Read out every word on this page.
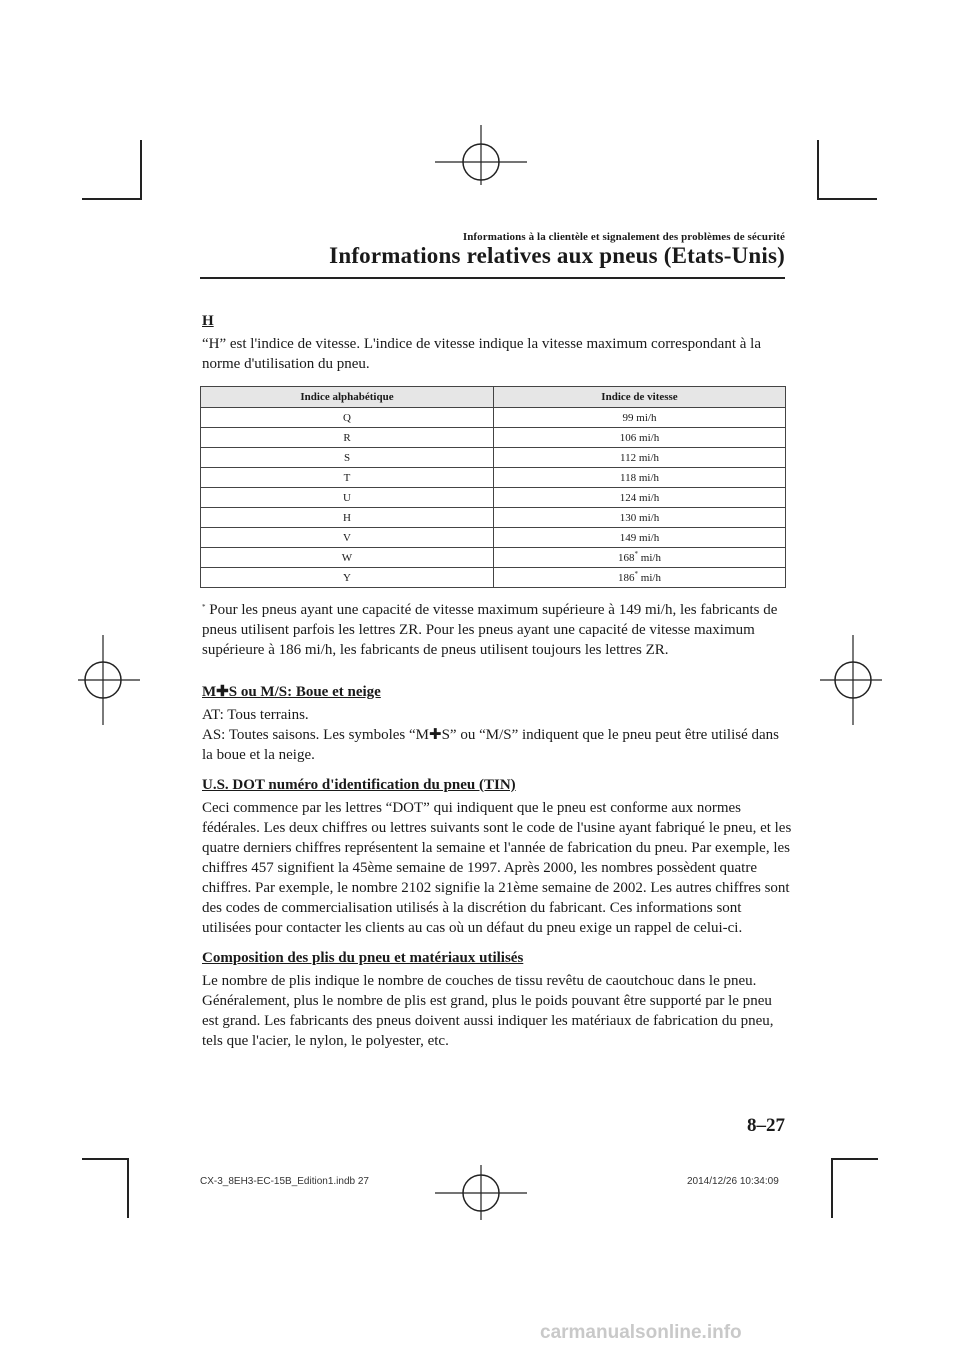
Informations à la clientèle et signalement des problèmes de sécurité
Informations relatives aux pneus (Etats-Unis)
H

“H” est l'indice de vitesse. L'indice de vitesse indique la vitesse maximum correspondant à la norme d'utilisation du pneu.

Indice alphabétique	Indice de vitesse
Q	99 mi/h
R	106 mi/h
S	112 mi/h
T	118 mi/h
U	124 mi/h
H	130 mi/h
V	149 mi/h
W	168* mi/h
Y	186* mi/h

* Pour les pneus ayant une capacité de vitesse maximum supérieure à 149 mi/h, les fabricants de pneus utilisent parfois les lettres ZR. Pour les pneus ayant une capacité de vitesse maximum supérieure à 186 mi/h, les fabricants de pneus utilisent toujours les lettres ZR.

M✚S ou M/S: Boue et neige

AT: Tous terrains.

AS: Toutes saisons. Les symboles “M✚S” ou “M/S” indiquent que le pneu peut être utilisé dans la boue et la neige.

U.S. DOT numéro d'identification du pneu (TIN)

Ceci commence par les lettres “DOT” qui indiquent que le pneu est conforme aux normes fédérales. Les deux chiffres ou lettres suivants sont le code de l'usine ayant fabriqué le pneu, et les quatre derniers chiffres représentent la semaine et l'année de fabrication du pneu. Par exemple, les chiffres 457 signifient la 45ème semaine de 1997. Après 2000, les nombres possèdent quatre chiffres. Par exemple, le nombre 2102 signifie la 21ème semaine de 2002. Les autres chiffres sont des codes de commercialisation utilisés à la discrétion du fabricant. Ces informations sont utilisées pour contacter les clients au cas où un défaut du pneu exige un rappel de celui-ci.

Composition des plis du pneu et matériaux utilisés

Le nombre de plis indique le nombre de couches de tissu revêtu de caoutchouc dans le pneu. Généralement, plus le nombre de plis est grand, plus le poids pouvant être supporté par le pneu est grand. Les fabricants des pneus doivent aussi indiquer les matériaux de fabrication du pneu, tels que l'acier, le nylon, le polyester, etc.

8–27
CX-3_8EH3-EC-15B_Edition1.indb 27	2014/12/26 10:34:09
carmanualsonline.info
